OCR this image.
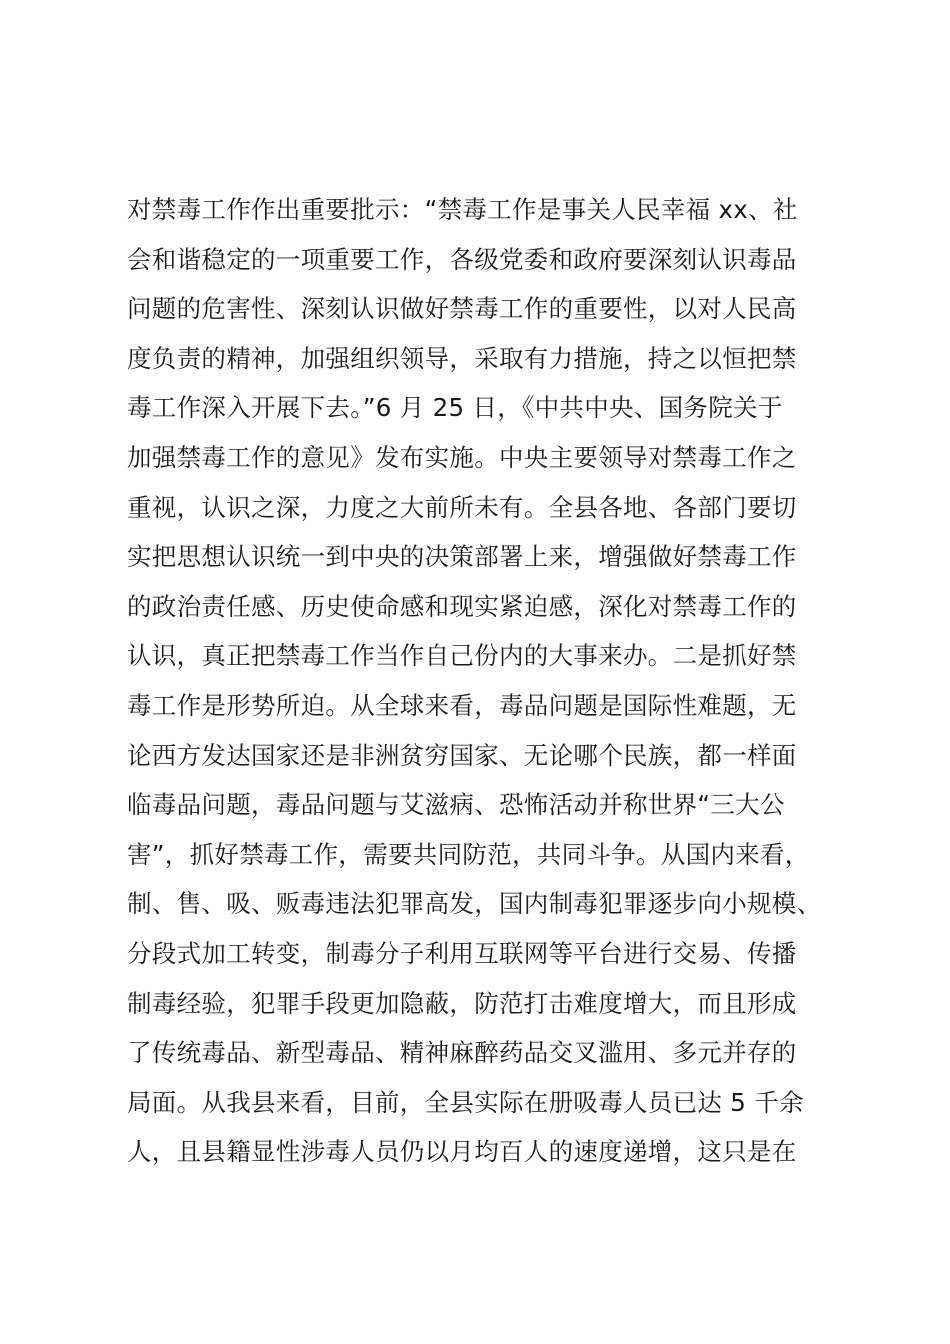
对禁毒工作作出重要批示：“禁毒工作是事关人民幸福 xx、社
会和谐稳定的一项重要工作，各级党委和政府要深刻认识毒品
问题的危害性、深刻认识做好禁毒工作的重要性，以对人民高
度负责的精神，加强组织领导，采取有力措施，持之以恒把禁
毒工作深入开展下去。”6 月 25 日，《中共中央、国务院关于
加强禁毒工作的意见》发布实施。中央主要领导对禁毒工作之
重视，认识之深，力度之大前所未有。全县各地、各部门要切
实把思想认识统一到中央的决策部署上来，增强做好禁毒工作
的政治责任感、历史使命感和现实紧迫感，深化对禁毒工作的
认识，真正把禁毒工作当作自己份内的大事来办。二是抓好禁
毒工作是形势所迫。从全球来看，毒品问题是国际性难题，无
论西方发达国家还是非洲贫穷国家、无论哪个民族，都一样面
临毒品问题，毒品问题与艾滋病、恐怖活动并称世界“三大公
害”，抓好禁毒工作，需要共同防范，共同斗争。从国内来看，
制、售、吸、贩毒违法犯罪高发，国内制毒犯罪逐步向小规模、
分段式加工转变，制毒分子利用互联网等平台进行交易、传播
制毒经验，犯罪手段更加隐蔽，防范打击难度增大，而且形成
了传统毒品、新型毒品、精神麻醉药品交叉滥用、多元并存的
局面。从我县来看，目前，全县实际在册吸毒人员已达 5 千余
人，且县籍显性涉毒人员仍以月均百人的速度递增，这只是在
